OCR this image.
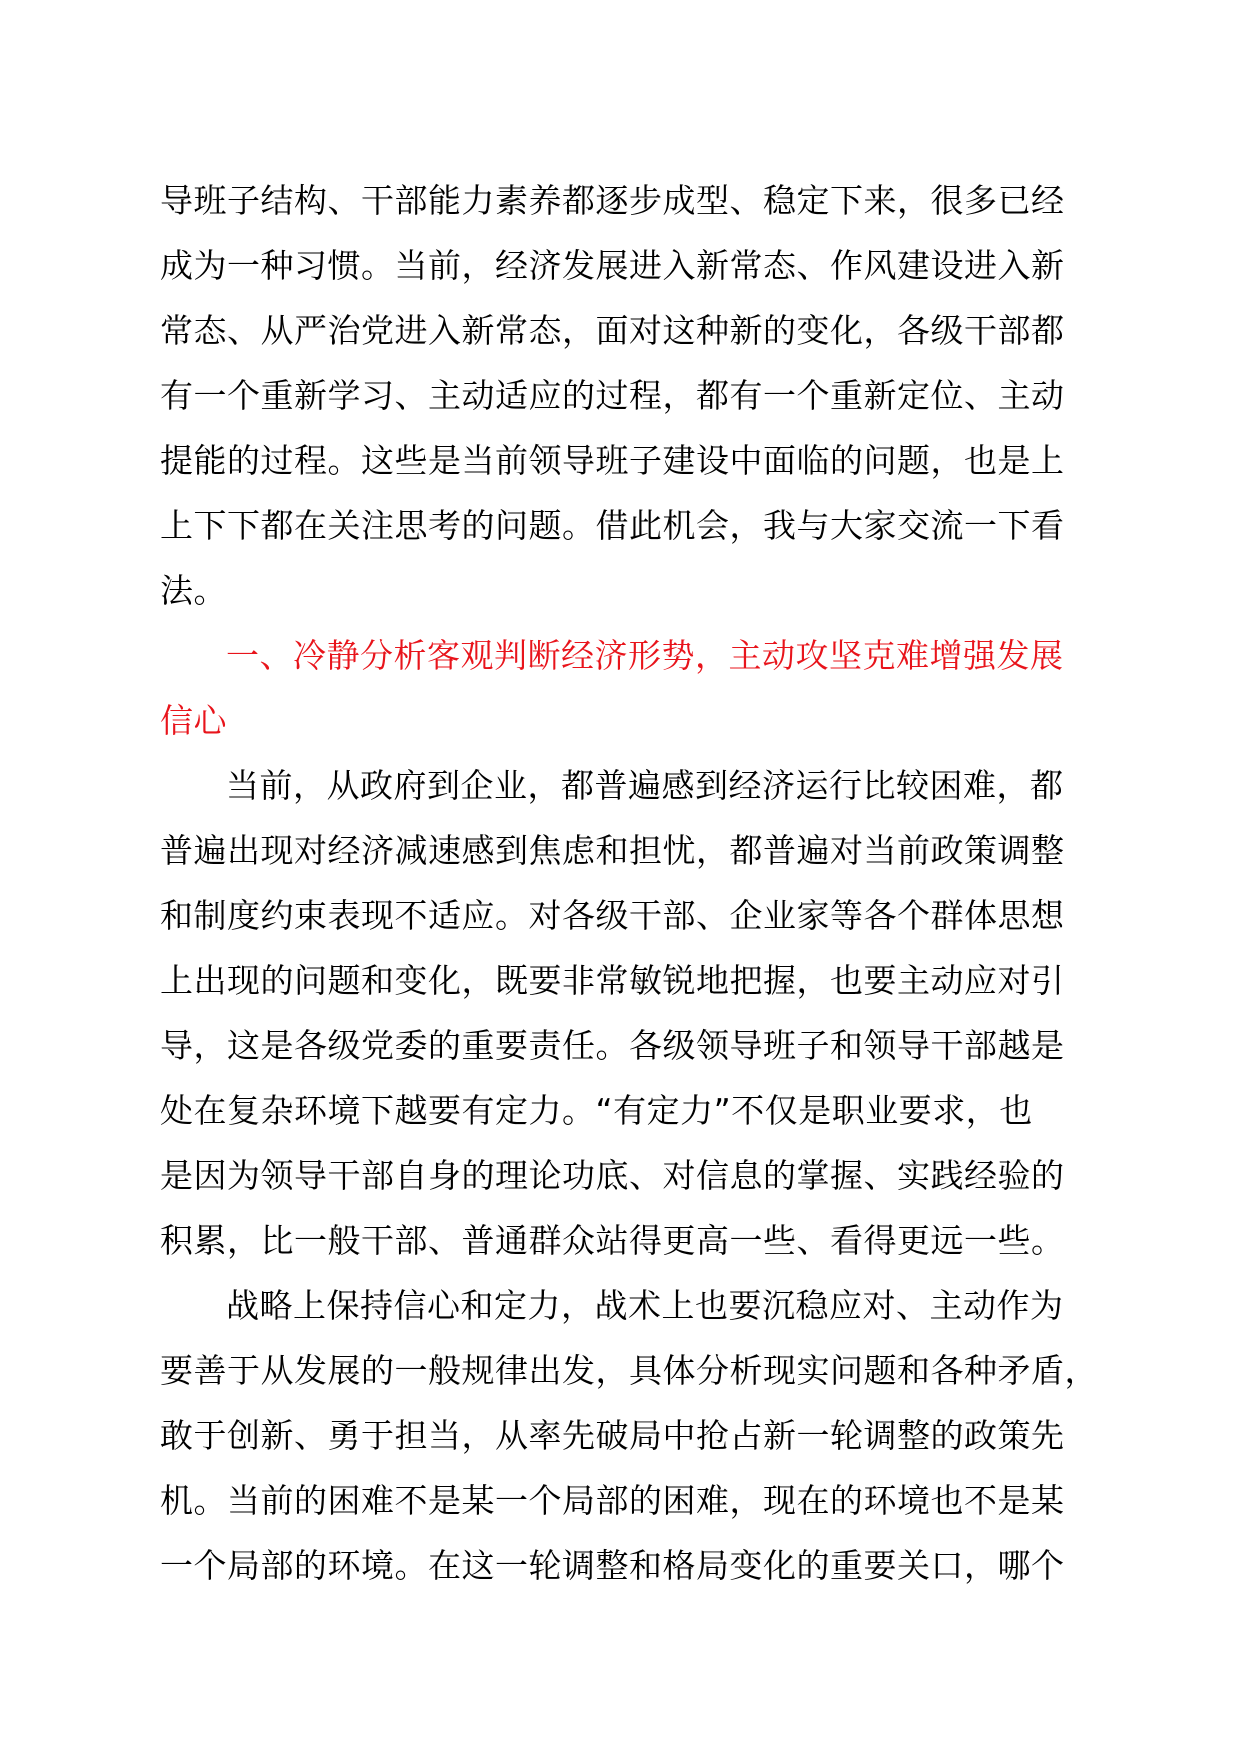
导班子结构、干部能力素养都逐步成型、稳定下来，很多已经
成为一种习惯。当前，经济发展进入新常态、作风建设进入新
常态、从严治党进入新常态，面对这种新的变化，各级干部都
有一个重新学习、主动适应的过程，都有一个重新定位、主动
提能的过程。这些是当前领导班子建设中面临的问题，也是上
上下下都在关注思考的问题。借此机会，我与大家交流一下看
法。
一、冷静分析客观判断经济形势，主动攻坚克难增强发展
信心
当前，从政府到企业，都普遍感到经济运行比较困难，都
普遍出现对经济减速感到焦虑和担忧，都普遍对当前政策调整
和制度约束表现不适应。对各级干部、企业家等各个群体思想
上出现的问题和变化，既要非常敏锐地把握，也要主动应对引
导，这是各级党委的重要责任。各级领导班子和领导干部越是
处在复杂环境下越要有定力。“有定力”不仅是职业要求，也
是因为领导干部自身的理论功底、对信息的掌握、实践经验的
积累，比一般干部、普通群众站得更高一些、看得更远一些。
战略上保持信心和定力，战术上也要沉稳应对、主动作为
要善于从发展的一般规律出发，具体分析现实问题和各种矛盾，
敢于创新、勇于担当，从率先破局中抢占新一轮调整的政策先
机。当前的困难不是某一个局部的困难，现在的环境也不是某
一个局部的环境。在这一轮调整和格局变化的重要关口，哪个
